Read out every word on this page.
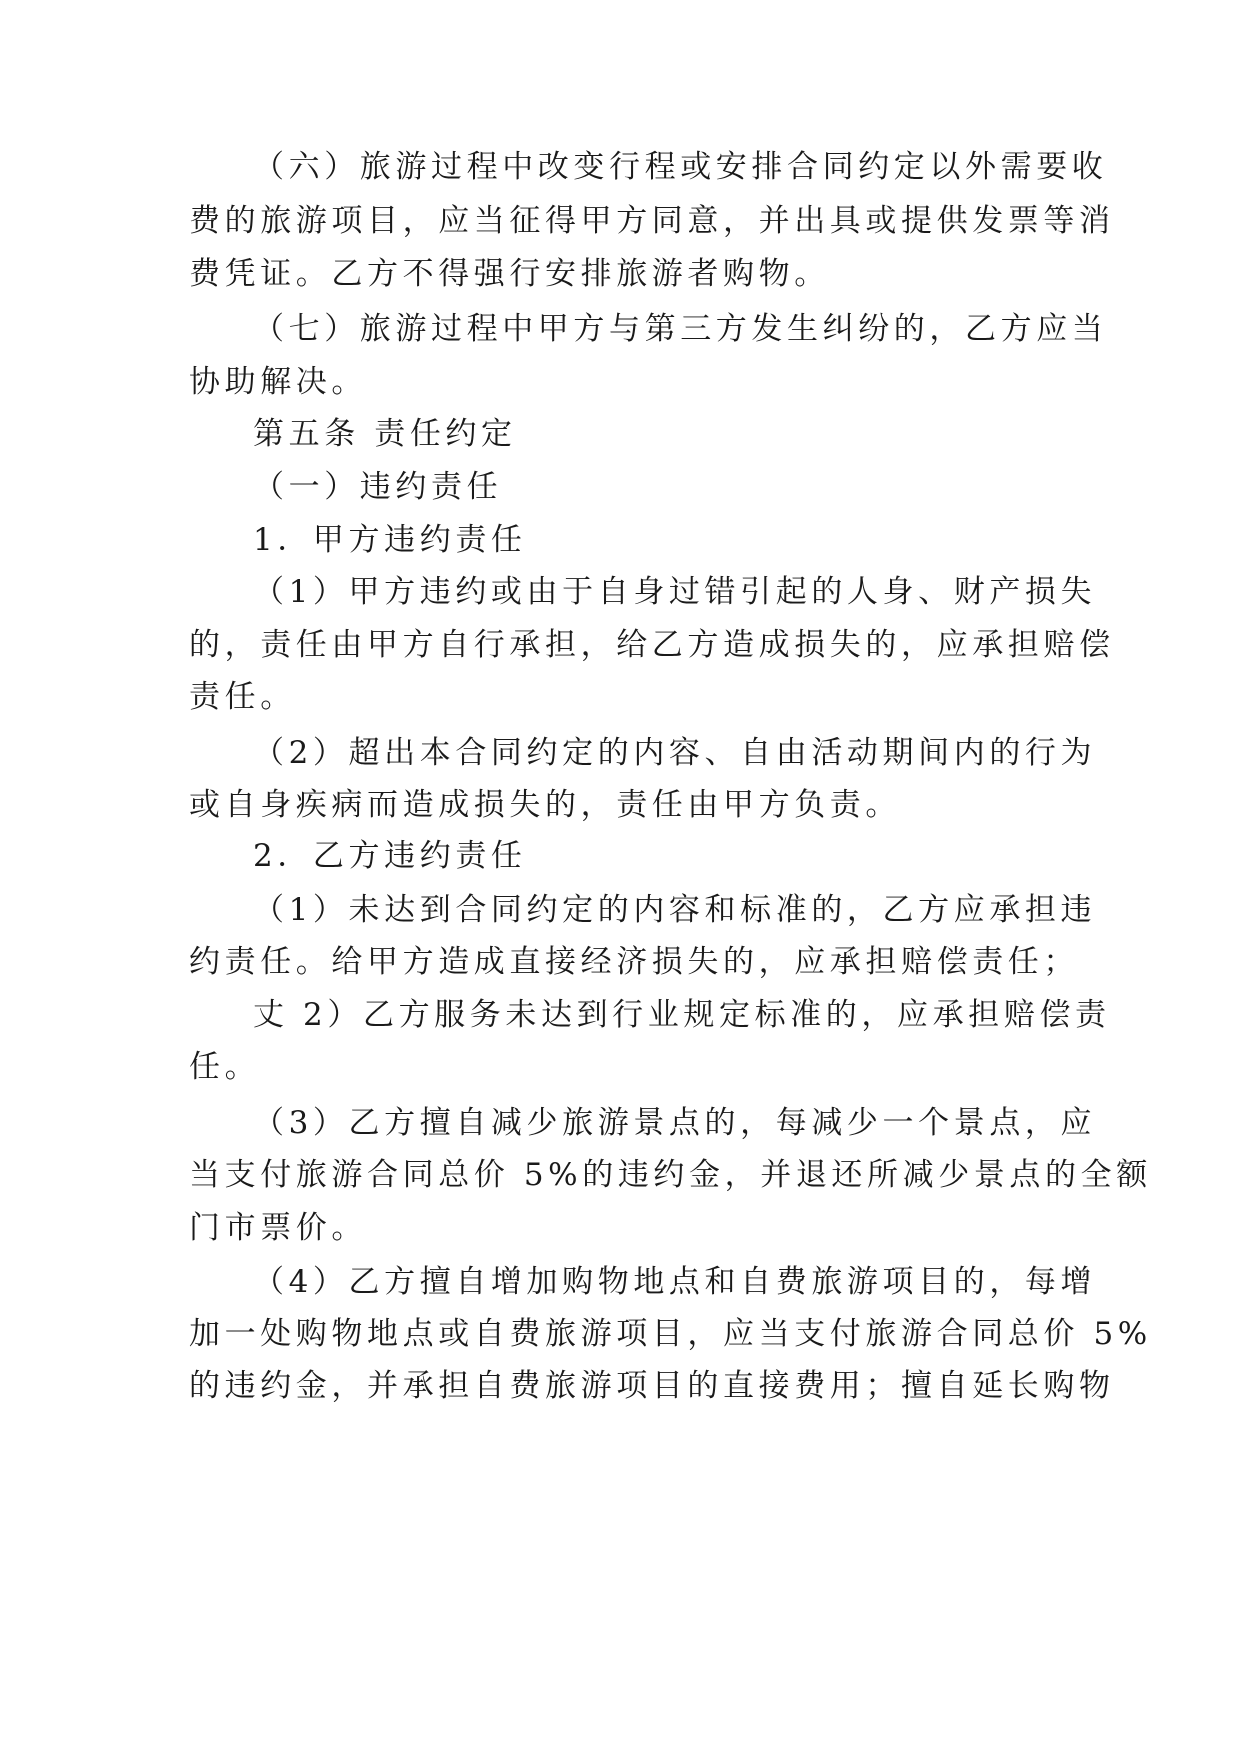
（六）旅游过程中改变行程或安排合同约定以外需要收
费的旅游项目，应当征得甲方同意，并出具或提供发票等消
费凭证。乙方不得强行安排旅游者购物。
（七）旅游过程中甲方与第三方发生纠纷的，乙方应当
协助解决。
第五条 责任约定
（一）违约责任
1．甲方违约责任
（1）甲方违约或由于自身过错引起的人身、财产损失
的，责任由甲方自行承担，给乙方造成损失的，应承担赔偿
责任。
（2）超出本合同约定的内容、自由活动期间内的行为
或自身疾病而造成损失的，责任由甲方负责。
2．乙方违约责任
（1）未达到合同约定的内容和标准的，乙方应承担违
约责任。给甲方造成直接经济损失的，应承担赔偿责任；
丈 2）乙方服务未达到行业规定标准的，应承担赔偿责
任。
（3）乙方擅自减少旅游景点的，每减少一个景点，应
当支付旅游合同总价 5%的违约金，并退还所减少景点的全额
门市票价。
（4）乙方擅自增加购物地点和自费旅游项目的，每增
加一处购物地点或自费旅游项目，应当支付旅游合同总价 5%
的违约金，并承担自费旅游项目的直接费用；擅自延长购物
